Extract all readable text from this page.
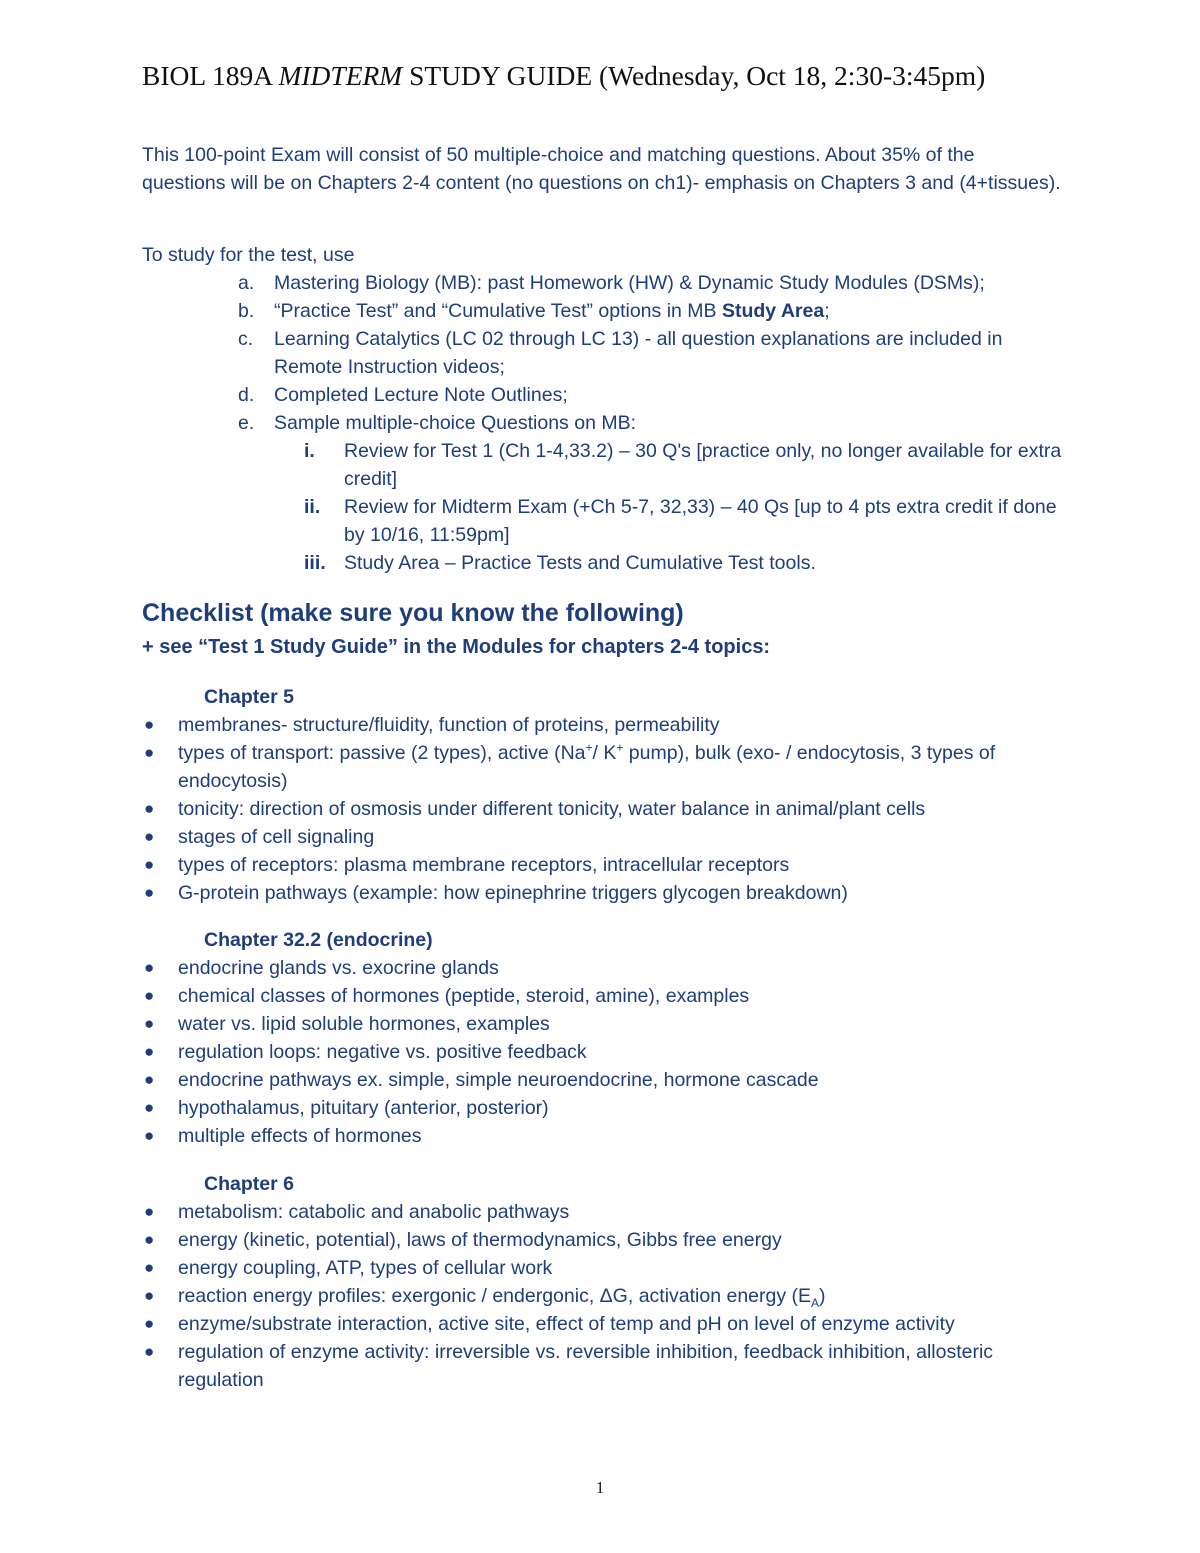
BIOL 189A MIDTERM STUDY GUIDE (Wednesday, Oct 18, 2:30-3:45pm)

This 100-point Exam will consist of 50 multiple-choice and matching questions. About 35% of the questions will be on Chapters 2-4 content (no questions on ch1)- emphasis on Chapters 3 and (4+tissues).

To study for the test, use

a. Mastering Biology (MB): past Homework (HW) & Dynamic Study Modules (DSMs);
b. “Practice Test” and “Cumulative Test” options in MB Study Area;
c. Learning Catalytics (LC 02 through LC 13) - all question explanations are included in Remote Instruction videos;
d. Completed Lecture Note Outlines;
e. Sample multiple-choice Questions on MB:
i. Review for Test 1 (Ch 1-4,33.2) – 30 Q's [practice only, no longer available for extra credit]
ii. Review for Midterm Exam (+Ch 5-7, 32,33) – 40 Qs [up to 4 pts extra credit if done by 10/16, 11:59pm]
iii. Study Area – Practice Tests and Cumulative Test tools.
Checklist (make sure you know the following)

+ see “Test 1 Study Guide” in the Modules for chapters 2-4 topics:

Chapter 5

● membranes- structure/fluidity, function of proteins, permeability
● types of transport: passive (2 types), active (Na+/ K+ pump), bulk (exo- / endocytosis, 3 types of endocytosis)
● tonicity: direction of osmosis under different tonicity, water balance in animal/plant cells
● stages of cell signaling
● types of receptors: plasma membrane receptors, intracellular receptors
● G-protein pathways (example: how epinephrine triggers glycogen breakdown)

Chapter 32.2 (endocrine)

● endocrine glands vs. exocrine glands
● chemical classes of hormones (peptide, steroid, amine), examples
● water vs. lipid soluble hormones, examples
● regulation loops: negative vs. positive feedback
● endocrine pathways ex. simple, simple neuroendocrine, hormone cascade
● hypothalamus, pituitary (anterior, posterior)
● multiple effects of hormones

Chapter 6

● metabolism: catabolic and anabolic pathways
● energy (kinetic, potential), laws of thermodynamics, Gibbs free energy
● energy coupling, ATP, types of cellular work
● reaction energy profiles: exergonic / endergonic, ΔG, activation energy $(E_A)$
● enzyme/substrate interaction, active site, effect of temp and pH on level of enzyme activity
● regulation of enzyme activity: irreversible vs. reversible inhibition, feedback inhibition, allosteric regulation

1
